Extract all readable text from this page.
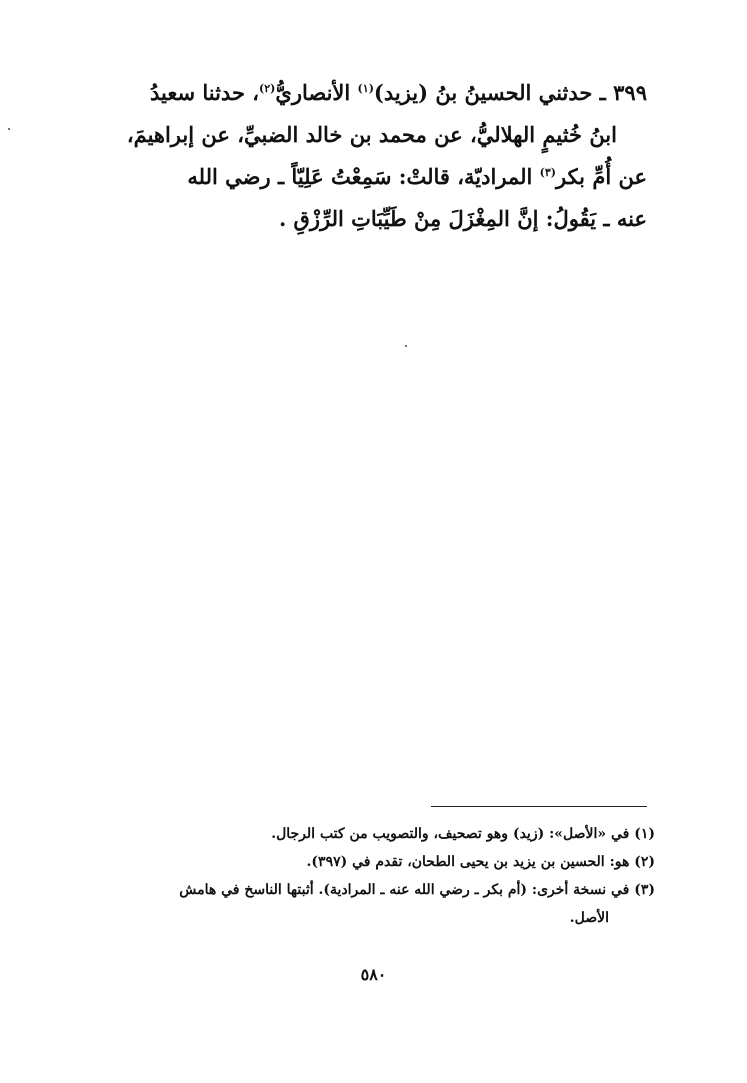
٣٩٩ ـ حدثني الحسينُ بنُ (يزيد)$^{(١)}$ الأنصاريُّ$^{(٢)}$، حدثنا سعيدُ
ابنُ خُثيمٍ الهلاليُّ، عن محمد بن خالد الضبيِّ، عن إبراهيمَ،
عن أُمِّ بكر$^{(٣)}$ المراديّة، قالتْ: سَمِعْتُ عَلِيّاً ـ رضي الله
عنه ـ يَقُولُ: إنَّ المِغْزَلَ مِنْ طَيِّبَاتِ الرِّزْقِ .
(١) في «الأصل»: (زيد) وهو تصحيف، والتصويب من كتب الرجال.
(٢) هو: الحسين بن يزيد بن يحيى الطحان، تقدم في (٣٩٧).
(٣) في نسخة أخرى: (أم بكر ـ رضي الله عنه ـ المرادية). أثبتها الناسخ في هامش
الأصل.
٥٨٠
